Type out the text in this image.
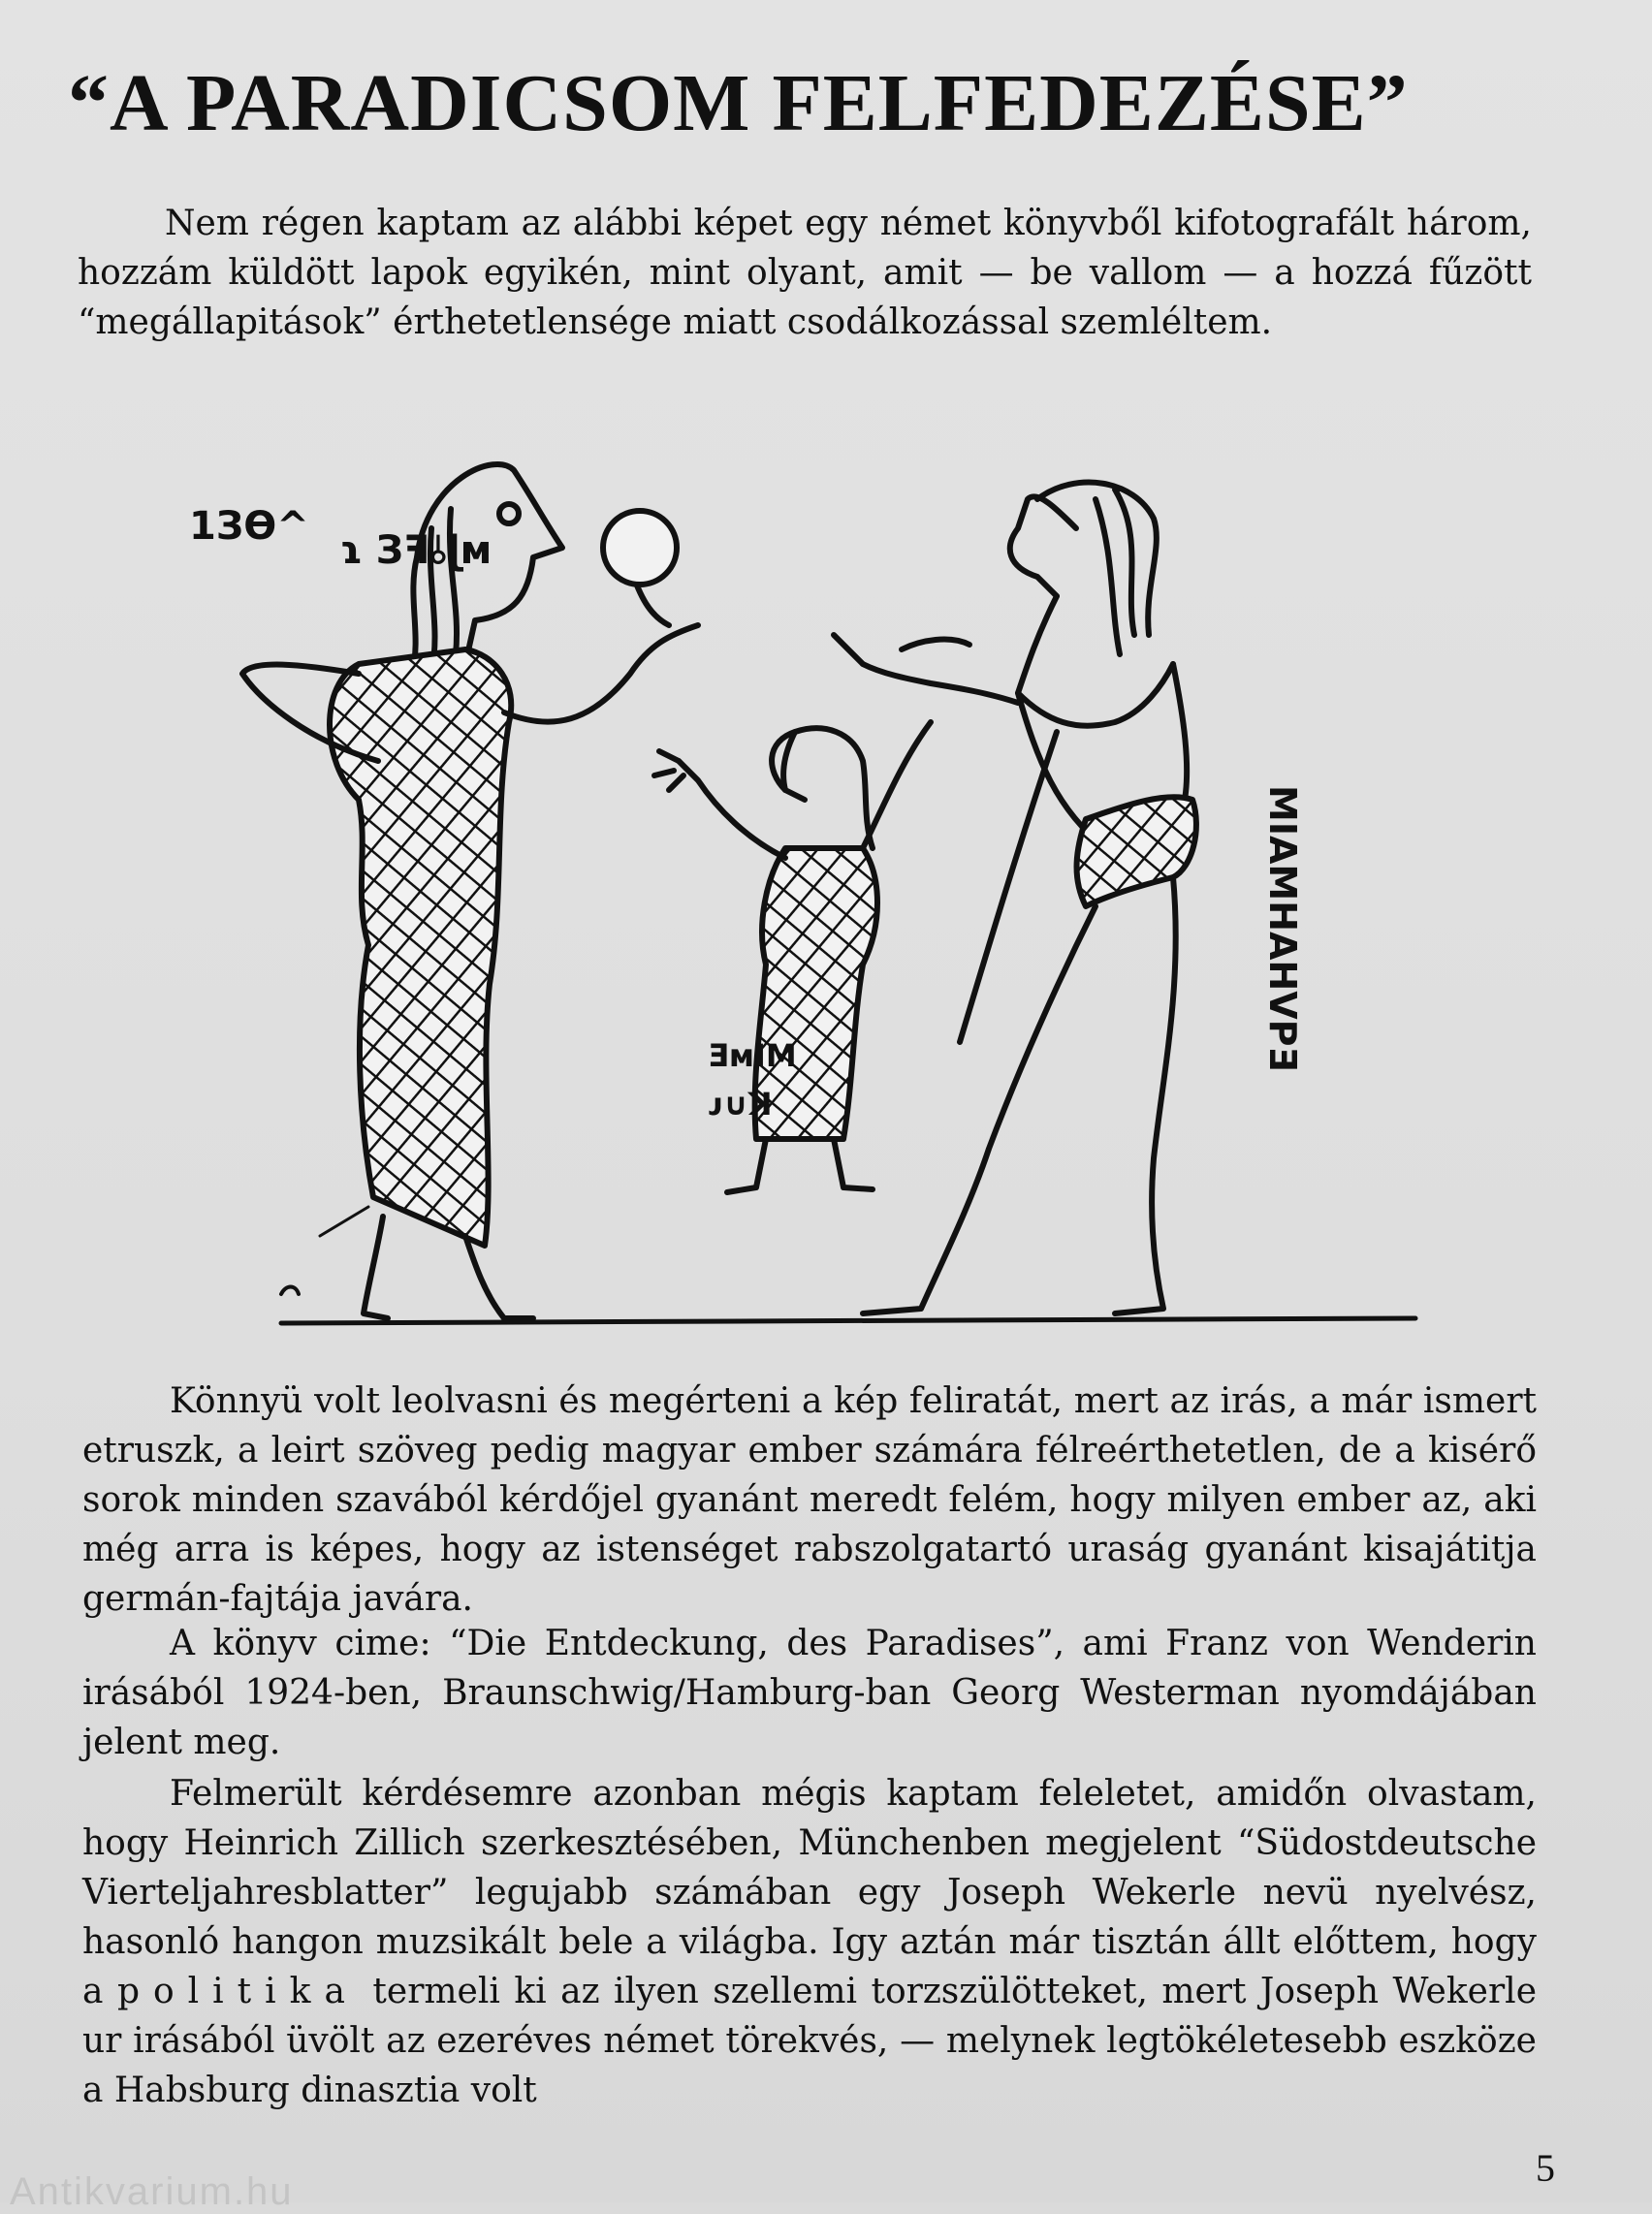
“A PARADICSOM FELFEDEZÉSE”
Nem régen kaptam az alábbi képet egy német könyvből kifotografált három, hozzám küldött lapok egyikén, mint olyant, amit — be vallom — a hozzá fűzött “megállapitások” érthetetlensége miatt csodálkozással szemléltem.
1ЗƟ^
ɿ Зꟻ⫰ɭᴍ
MIAMHAHVPƎ
ƎᴍIM
ᴊ∪ꓘ
Könnyü volt leolvasni és megérteni a kép feliratát, mert az irás, a már ismert etruszk, a leirt szöveg pedig magyar ember számára félreérthetetlen, de a kisérő sorok minden szavából kérdőjel gyanánt meredt felém, hogy milyen ember az, aki még arra is képes, hogy az istenséget rabszolgatartó uraság gyanánt kisajátitja germán-fajtája javára.
A könyv cime: “Die Entdeckung, des Paradises”, ami Franz von Wenderin irásából 1924-ben, Braunschwig/Hamburg-ban Georg Westerman nyomdájában jelent meg.
Felmerült kérdésemre azonban mégis kaptam feleletet, amidőn olvastam, hogy Heinrich Zillich szerkesztésében, Münchenben megjelent “Südostdeutsche Vierteljahresblatter” legujabb számában egy Joseph Wekerle nevü nyelvész, hasonló hangon muzsikált bele a világba. Igy aztán már tisztán állt előttem, hogy a politika termeli ki az ilyen szellemi torzszülötteket, mert Joseph Wekerle ur irásából üvölt az ezeréves német törekvés, — melynek legtökéletesebb eszköze a Habsburg dinasztia volt
5
Antikvarium.hu
